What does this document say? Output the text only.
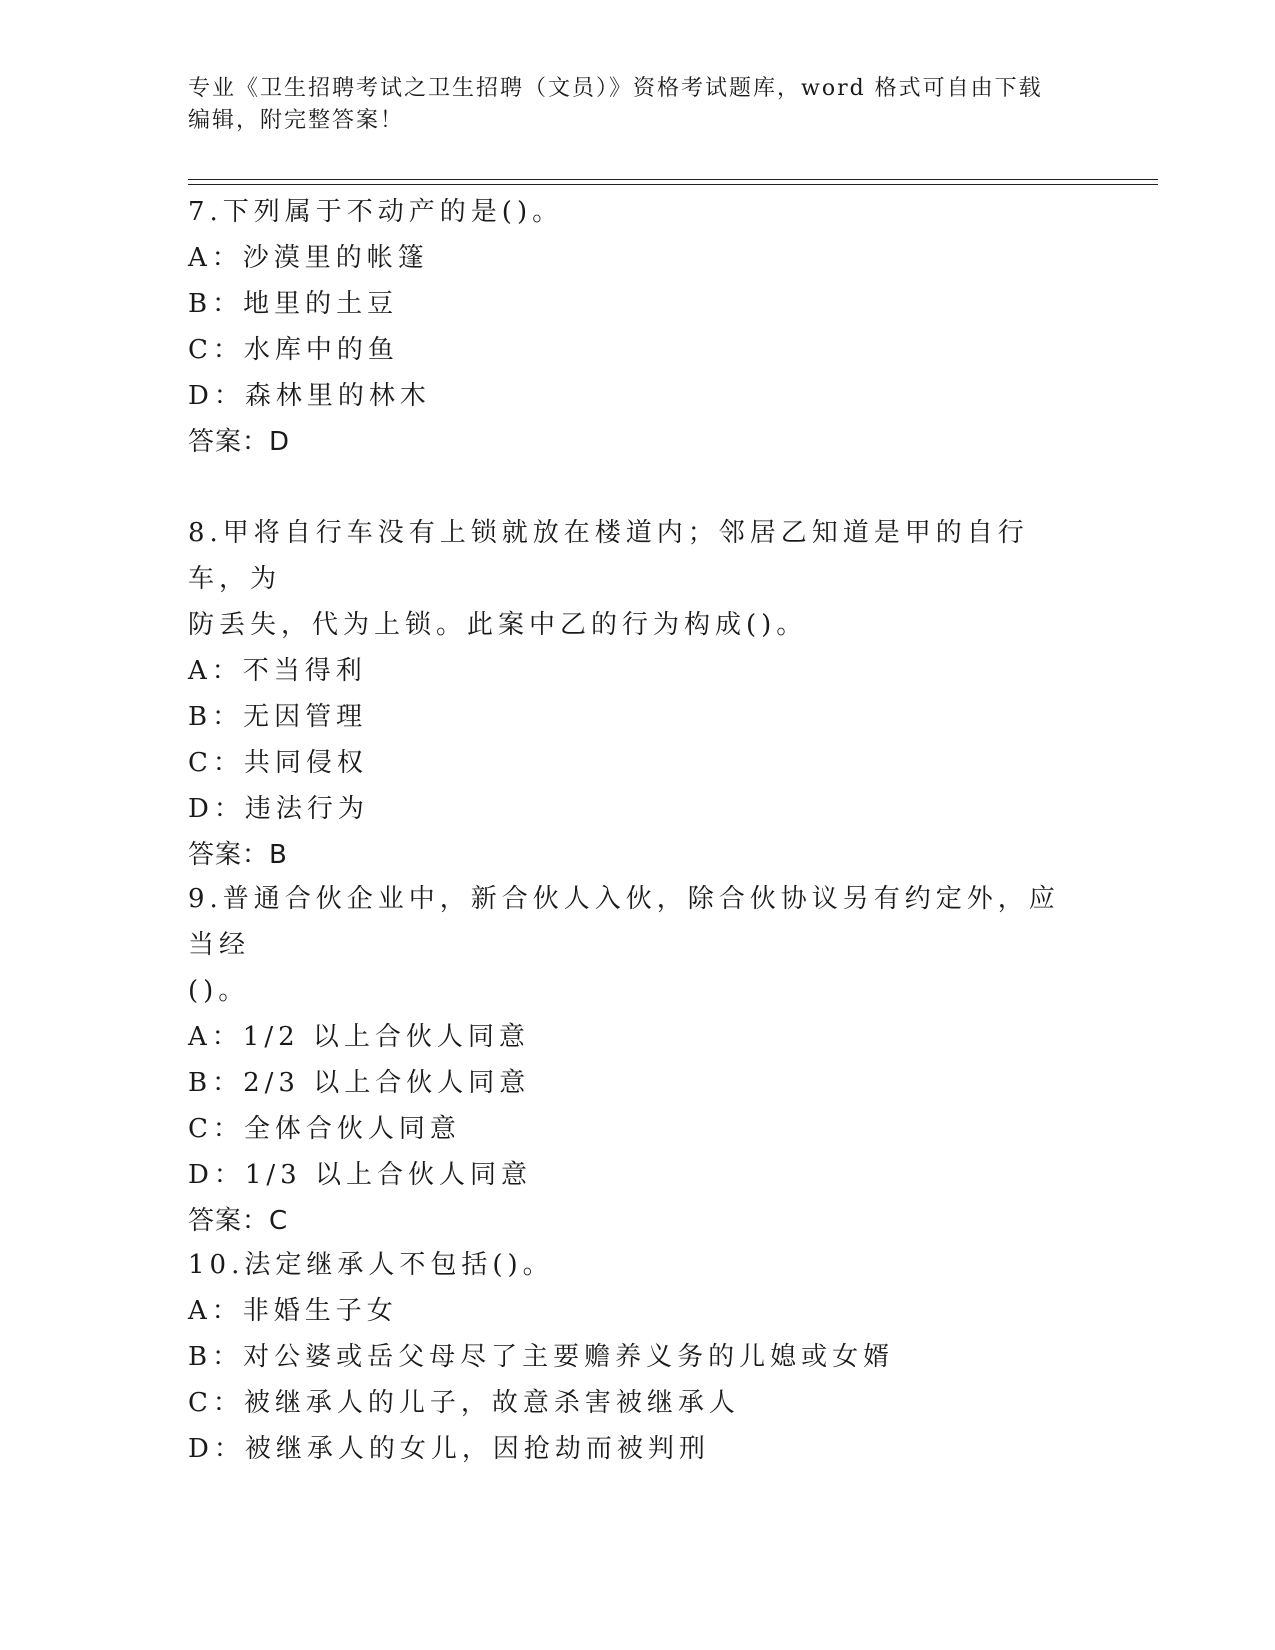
专业《卫生招聘考试之卫生招聘（文员）》资格考试题库，word 格式可自由下载
编辑，附完整答案！
7.下列属于不动产的是()。
A：沙漠里的帐篷
B：地里的土豆
C：水库中的鱼
D：森林里的林木
答案：D
8.甲将自行车没有上锁就放在楼道内；邻居乙知道是甲的自行车，为
防丢失，代为上锁。此案中乙的行为构成()。
A：不当得利
B：无因管理
C：共同侵权
D：违法行为
答案：B
9.普通合伙企业中，新合伙人入伙，除合伙协议另有约定外，应当经
()。
A：1/2 以上合伙人同意
B：2/3 以上合伙人同意
C：全体合伙人同意
D：1/3 以上合伙人同意
答案：C
10.法定继承人不包括()。
A：非婚生子女
B：对公婆或岳父母尽了主要赡养义务的儿媳或女婿
C：被继承人的儿子，故意杀害被继承人
D：被继承人的女儿，因抢劫而被判刑
